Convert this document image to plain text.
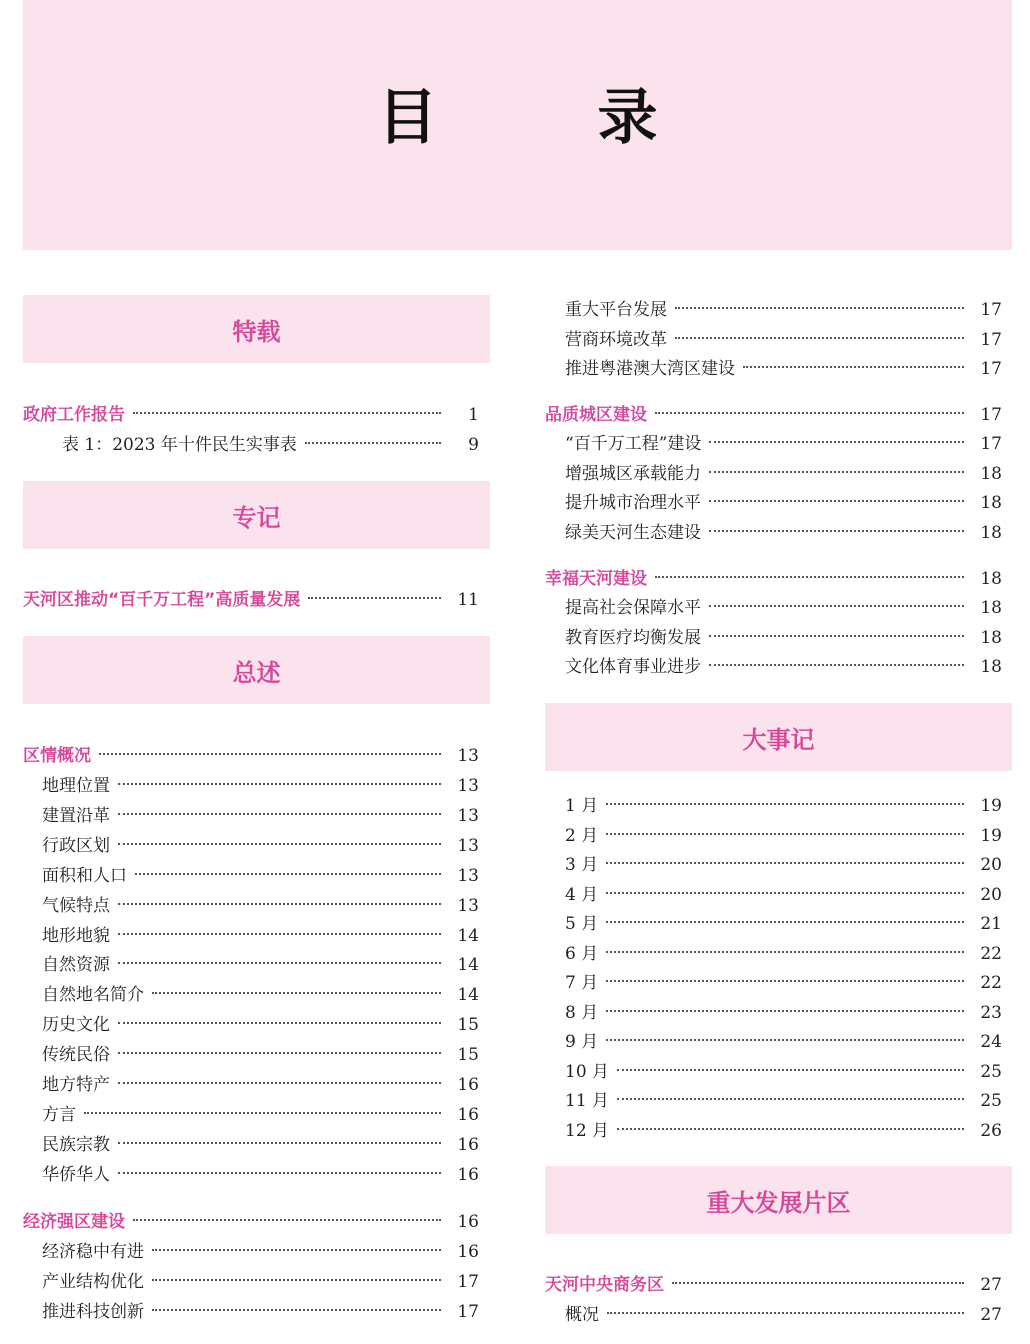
目　录
特载
政府工作报告	1
表 1：2023 年十件民生实事表	9
专记
天河区推动“百千万工程”高质量发展	11
总述
区情概况	13
地理位置	13
建置沿革	13
行政区划	13
面积和人口	13
气候特点	13
地形地貌	14
自然资源	14
自然地名简介	14
历史文化	15
传统民俗	15
地方特产	16
方言	16
民族宗教	16
华侨华人	16
经济强区建设	16
经济稳中有进	16
产业结构优化	17
推进科技创新	17
重大平台发展	17
营商环境改革	17
推进粤港澳大湾区建设	17
品质城区建设	17
“百千万工程”建设	17
增强城区承载能力	18
提升城市治理水平	18
绿美天河生态建设	18
幸福天河建设	18
提高社会保障水平	18
教育医疗均衡发展	18
文化体育事业进步	18
大事记
1 月	19
2 月	19
3 月	20
4 月	20
5 月	21
6 月	22
7 月	22
8 月	23
9 月	24
10 月	25
11 月	25
12 月	26
重大发展片区
天河中央商务区	27
概况	27
